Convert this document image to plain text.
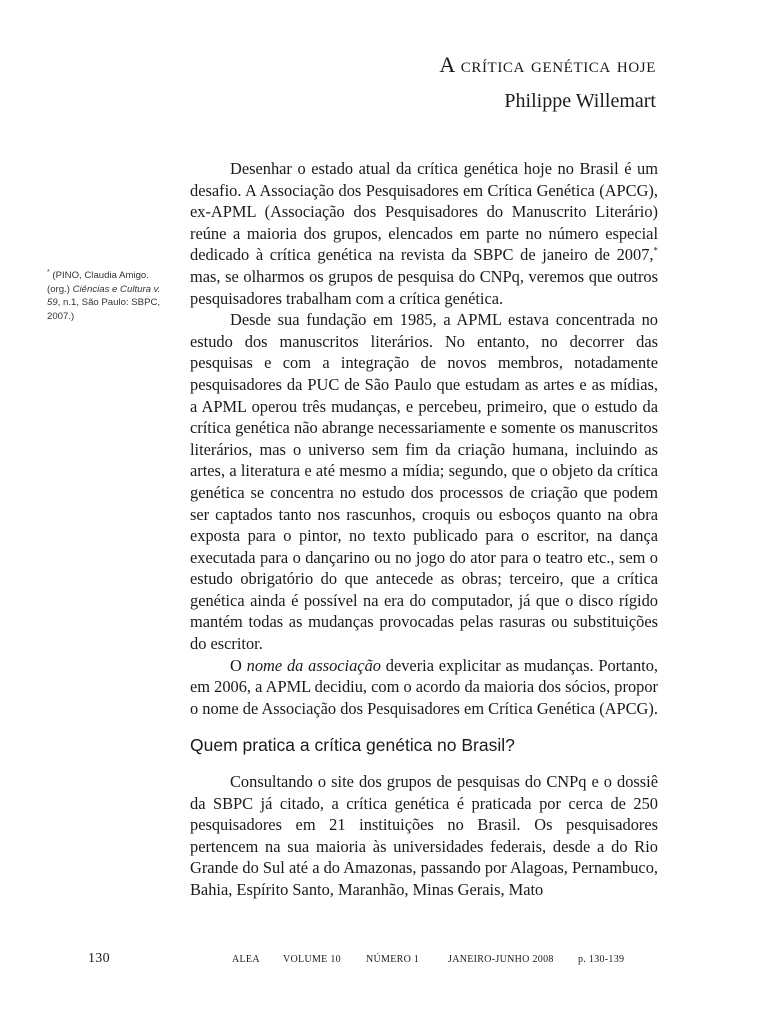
A crítica genética hoje
Philippe Willemart
* (PINO, Claudia Amigo. (org.) Ciências e Cultura v. 59, n.1, São Paulo: SBPC, 2007.)

Desenhar o estado atual da crítica genética hoje no Brasil é um desafio. A Associação dos Pesquisadores em Crítica Genética (APCG), ex-APML (Associação dos Pesquisadores do Manuscrito Literário) reúne a maioria dos grupos, elencados em parte no número especial dedicado à crítica genética na revista da SBPC de janeiro de 2007,* mas, se olharmos os grupos de pesquisa do CNPq, veremos que outros pesquisadores trabalham com a crítica genética.

Desde sua fundação em 1985, a APML estava concentrada no estudo dos manuscritos literários. No entanto, no decorrer das pesquisas e com a integração de novos membros, notadamente pesquisadores da PUC de São Paulo que estudam as artes e as mídias, a APML operou três mudanças, e percebeu, primeiro, que o estudo da crítica genética não abrange necessariamente e somente os manuscritos literários, mas o universo sem fim da criação humana, incluindo as artes, a literatura e até mesmo a mídia; segundo, que o objeto da crítica genética se concentra no estudo dos processos de criação que podem ser captados tanto nos rascunhos, croquis ou esboços quanto na obra exposta para o pintor, no texto publicado para o escritor, na dança executada para o dançarino ou no jogo do ator para o teatro etc., sem o estudo obrigatório do que antecede as obras; terceiro, que a crítica genética ainda é possível na era do computador, já que o disco rígido mantém todas as mudanças provocadas pelas rasuras ou substituições do escritor.

O nome da associação deveria explicitar as mudanças. Portanto, em 2006, a APML decidiu, com o acordo da maioria dos sócios, propor o nome de Associação dos Pesquisadores em Crítica Genética (APCG).

Quem pratica a crítica genética no Brasil?

Consultando o site dos grupos de pesquisas do CNPq e o dossiê da SBPC já citado, a crítica genética é praticada por cerca de 250 pesquisadores em 21 instituições no Brasil. Os pesquisadores pertencem na sua maioria às universidades federais, desde a do Rio Grande do Sul até a do Amazonas, passando por Alagoas, Pernambuco, Bahia, Espírito Santo, Maranhão, Minas Gerais, Mato

130	ALEA VOLUME 10	NÚMERO 1	JANEIRO-JUNHO 2008 p. 130-139
